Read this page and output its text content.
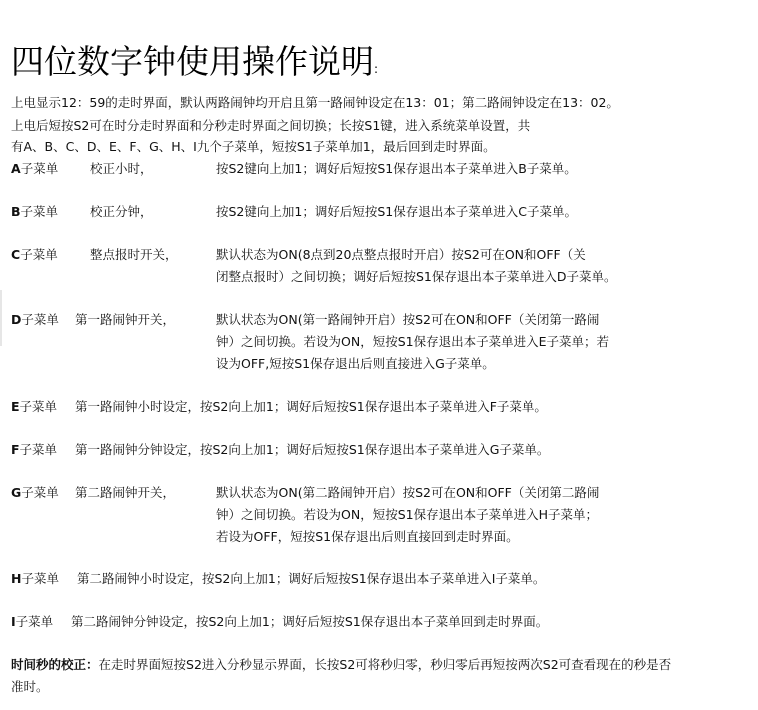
四位数字钟使用操作说明:
上电显示12：59的走时界面，默认两路闹钟均开启且第一路闹钟设定在13：01；第二路闹钟设定在13：02。
上电后短按S2可在时分走时界面和分秒走时界面之间切换；长按S1键，进入系统菜单设置，共
有A、B、C、D、E、F、G、H、I九个子菜单，短按S1子菜单加1，最后回到走时界面。
A子菜单	校正小时，	按S2键向上加1；调好后短按S1保存退出本子菜单进入B子菜单。
B子菜单	校正分钟，	按S2键向上加1；调好后短按S1保存退出本子菜单进入C子菜单。
C子菜单	整点报时开关，	默认状态为ON(8点到20点整点报时开启）按S2可在ON和OFF（关
闭整点报时）之间切换；调好后短按S1保存退出本子菜单进入D子菜单。
D子菜单 第一路闹钟开关，	默认状态为ON(第一路闹钟开启）按S2可在ON和OFF（关闭第一路闹
钟）之间切换。若设为ON，短按S1保存退出本子菜单进入E子菜单；若
设为OFF,短按S1保存退出后则直接进入G子菜单。
E子菜单 第一路闹钟小时设定，按S2向上加1；调好后短按S1保存退出本子菜单进入F子菜单。
F子菜单 第一路闹钟分钟设定，按S2向上加1；调好后短按S1保存退出本子菜单进入G子菜单。
G子菜单 第二路闹钟开关，	默认状态为ON(第二路闹钟开启）按S2可在ON和OFF（关闭第二路闹
钟）之间切换。若设为ON，短按S1保存退出本子菜单进入H子菜单；
若设为OFF，短按S1保存退出后则直接回到走时界面。
H子菜单 第二路闹钟小时设定，按S2向上加1；调好后短按S1保存退出本子菜单进入I子菜单。
I子菜单 第二路闹钟分钟设定，按S2向上加1；调好后短按S1保存退出本子菜单回到走时界面。
时间秒的校正：在走时界面短按S2进入分秒显示界面，长按S2可将秒归零，秒归零后再短按两次S2可查看现在的秒是否
准时。
